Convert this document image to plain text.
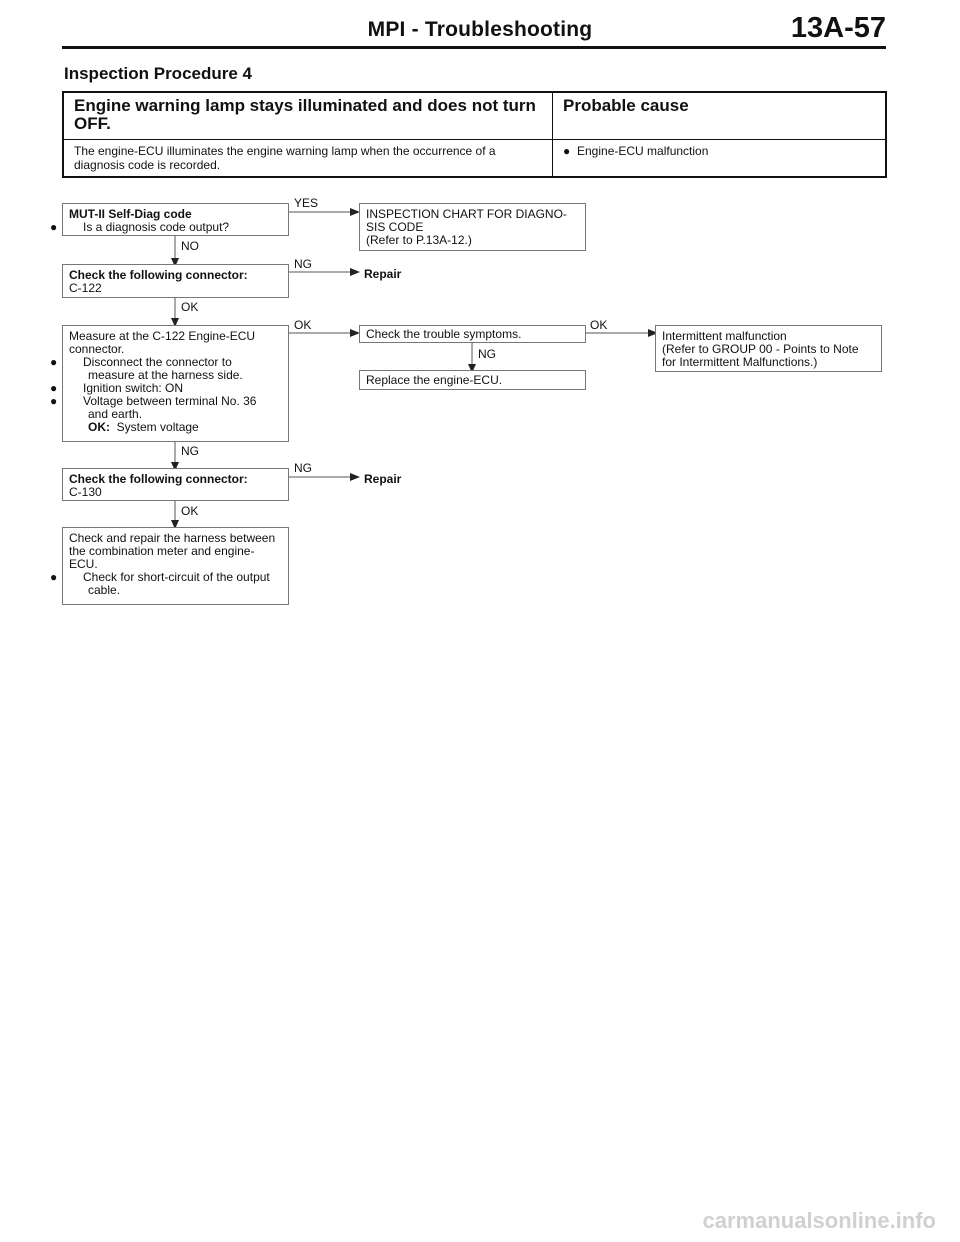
MPI - Troubleshooting	13A-57
Inspection Procedure 4
Engine warning lamp stays illuminated and does not turn OFF.	Probable cause
The engine-ECU illuminates the engine warning lamp when the occurrence of a diagnosis code is recorded.	● Engine-ECU malfunction
MUT-II Self-Diag code
● Is a diagnosis code output?
YES
INSPECTION CHART FOR DIAGNO-
SIS CODE
(Refer to P.13A-12.)
NO
Check the following connector:
C-122
NG
Repair
OK
Measure at the C-122 Engine-ECU
connector.
● Disconnect the connector to
measure at the harness side.
● Ignition switch: ON
● Voltage between terminal No. 36
and earth.
OK: System voltage
OK
Check the trouble symptoms.
OK
Intermittent malfunction
(Refer to GROUP 00 - Points to Note
for Intermittent Malfunctions.)
NG
Replace the engine-ECU.
NG
Check the following connector:
C-130
NG
Repair
OK
Check and repair the harness between
the combination meter and engine-
ECU.
● Check for short-circuit of the output
cable.
carmanualsonline.info
